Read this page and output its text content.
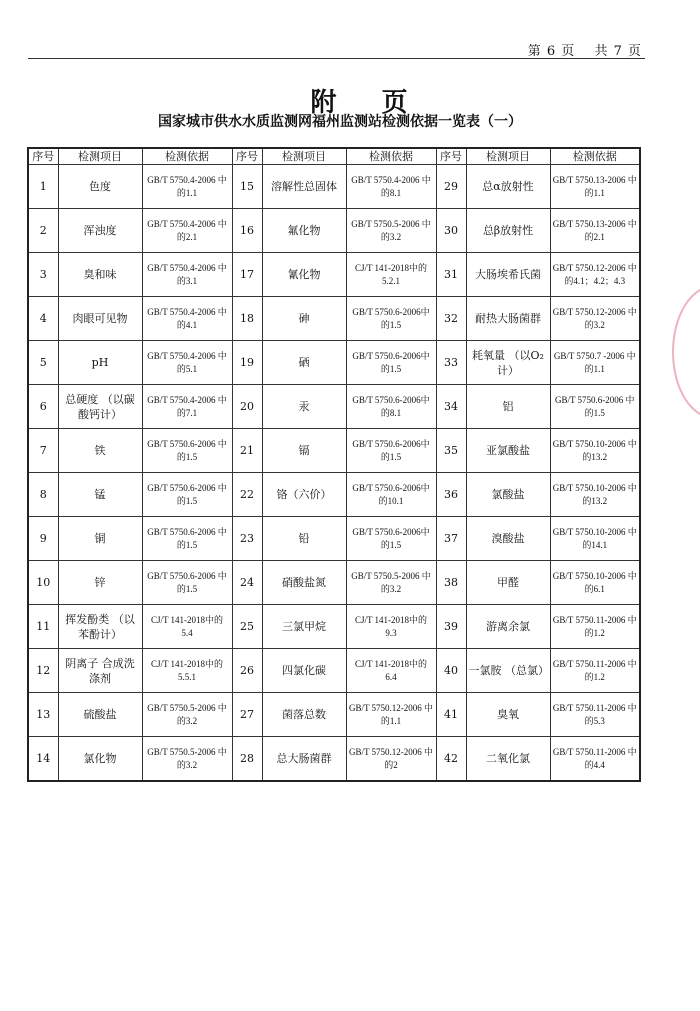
第 6 页 共 7 页
附 页
国家城市供水水质监测网福州监测站检测依据一览表（一）
序号	检测项目	检测依据	序号	检测项目	检测依据	序号	检测项目	检测依据
1	色度	GB/T 5750.4-2006 中的1.1	15	溶解性总固体	GB/T 5750.4-2006 中的8.1	29	总α放射性	GB/T 5750.13-2006 中的1.1
2	浑浊度	GB/T 5750.4-2006 中的2.1	16	氟化物	GB/T 5750.5-2006 中的3.2	30	总β放射性	GB/T 5750.13-2006 中的2.1
3	臭和味	GB/T 5750.4-2006 中的3.1	17	氰化物	CJ/T 141-2018中的 5.2.1	31	大肠埃希氏菌	GB/T 5750.12-2006 中的4.1；4.2；4.3
4	肉眼可见物	GB/T 5750.4-2006 中的4.1	18	砷	GB/T 5750.6-2006中 的1.5	32	耐热大肠菌群	GB/T 5750.12-2006 中的3.2
5	pH	GB/T 5750.4-2006 中的5.1	19	硒	GB/T 5750.6-2006中 的1.5	33	耗氧量 （以O₂计）	GB/T 5750.7 -2006 中的1.1
6	总硬度 （以碳酸钙计）	GB/T 5750.4-2006 中的7.1	20	汞	GB/T 5750.6-2006中 的8.1	34	铝	GB/T 5750.6-2006 中的1.5
7	铁	GB/T 5750.6-2006 中的1.5	21	镉	GB/T 5750.6-2006中 的1.5	35	亚氯酸盐	GB/T 5750.10-2006 中的13.2
8	锰	GB/T 5750.6-2006 中的1.5	22	铬（六价）	GB/T 5750.6-2006中 的10.1	36	氯酸盐	GB/T 5750.10-2006 中的13.2
9	铜	GB/T 5750.6-2006 中的1.5	23	铅	GB/T 5750.6-2006中 的1.5	37	溴酸盐	GB/T 5750.10-2006 中的14.1
10	锌	GB/T 5750.6-2006 中的1.5	24	硝酸盐氮	GB/T 5750.5-2006 中的3.2	38	甲醛	GB/T 5750.10-2006 中的6.1
11	挥发酚类 （以苯酚计）	CJ/T 141-2018中的 5.4	25	三氯甲烷	CJ/T 141-2018中的 9.3	39	游离余氯	GB/T 5750.11-2006 中的1.2
12	阴离子 合成洗涤剂	CJ/T 141-2018中的 5.5.1	26	四氯化碳	CJ/T 141-2018中的 6.4	40	一氯胺 （总氯）	GB/T 5750.11-2006 中的1.2
13	硫酸盐	GB/T 5750.5-2006 中的3.2	27	菌落总数	GB/T 5750.12-2006 中的1.1	41	臭氧	GB/T 5750.11-2006 中的5.3
14	氯化物	GB/T 5750.5-2006 中的3.2	28	总大肠菌群	GB/T 5750.12-2006 中的2	42	二氧化氯	GB/T 5750.11-2006 中的4.4
